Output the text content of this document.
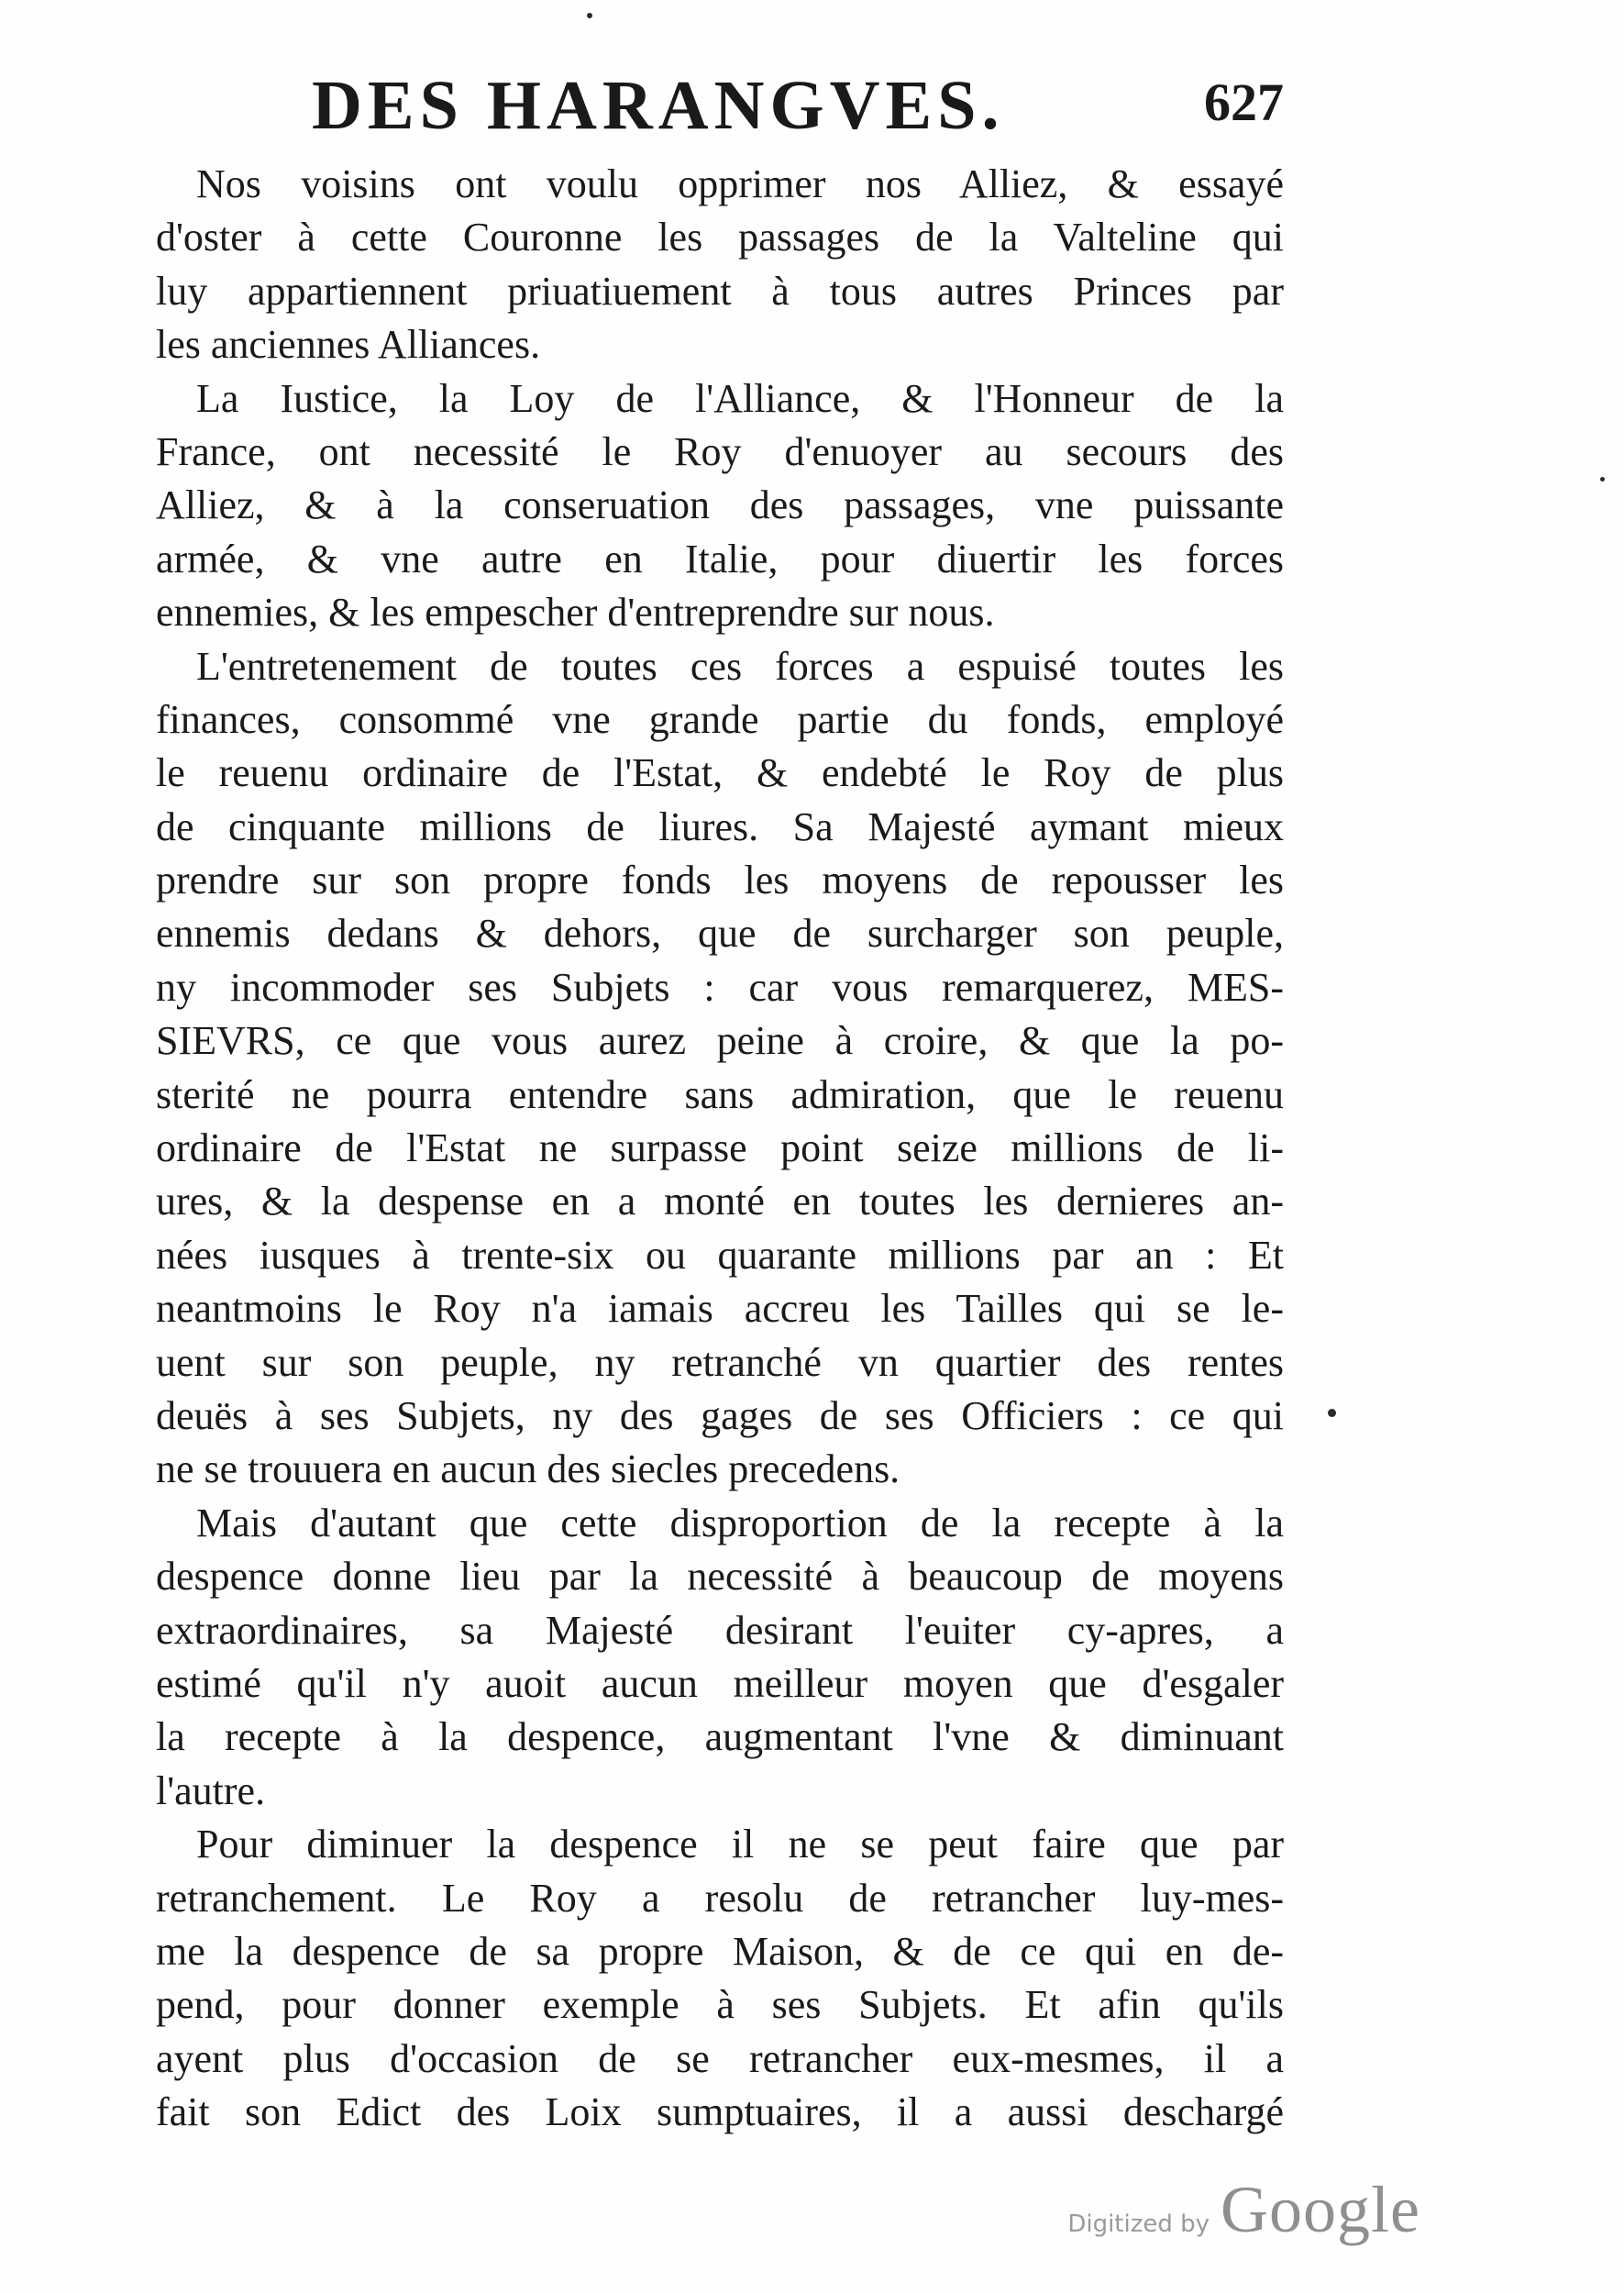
DES HARANGVES.	627
Nos voisins ont voulu opprimer nos Alliez, & essayé
d'oster à cette Couronne les passages de la Valteline qui
luy appartiennent priuatiuement à tous autres Princes par
les anciennes Alliances.
La Iustice, la Loy de l'Alliance, & l'Honneur de la
France, ont necessité le Roy d'enuoyer au secours des
Alliez, & à la conseruation des passages, vne puissante
armée, & vne autre en Italie, pour diuertir les forces
ennemies, & les empescher d'entreprendre sur nous.
L'entretenement de toutes ces forces a espuisé toutes les
finances, consommé vne grande partie du fonds, employé
le reuenu ordinaire de l'Estat, & endebté le Roy de plus
de cinquante millions de liures. Sa Majesté aymant mieux
prendre sur son propre fonds les moyens de repousser les
ennemis dedans & dehors, que de surcharger son peuple,
ny incommoder ses Subjets : car vous remarquerez, MES-
SIEVRS, ce que vous aurez peine à croire, & que la po-
sterité ne pourra entendre sans admiration, que le reuenu
ordinaire de l'Estat ne surpasse point seize millions de li-
ures, & la despense en a monté en toutes les dernieres an-
nées iusques à trente-six ou quarante millions par an : Et
neantmoins le Roy n'a iamais accreu les Tailles qui se le-
uent sur son peuple, ny retranché vn quartier des rentes
deuës à ses Subjets, ny des gages de ses Officiers : ce qui
ne se trouuera en aucun des siecles precedens.
Mais d'autant que cette disproportion de la recepte à la
despence donne lieu par la necessité à beaucoup de moyens
extraordinaires, sa Majesté desirant l'euiter cy-apres, a
estimé qu'il n'y auoit aucun meilleur moyen que d'esgaler
la recepte à la despence, augmentant l'vne & diminuant
l'autre.
Pour diminuer la despence il ne se peut faire que par
retranchement. Le Roy a resolu de retrancher luy-mes-
me la despence de sa propre Maison, & de ce qui en de-
pend, pour donner exemple à ses Subjets. Et afin qu'ils
ayent plus d'occasion de se retrancher eux-mesmes, il a
fait son Edict des Loix sumptuaires, il a aussi deschargé
Digitized by Google
